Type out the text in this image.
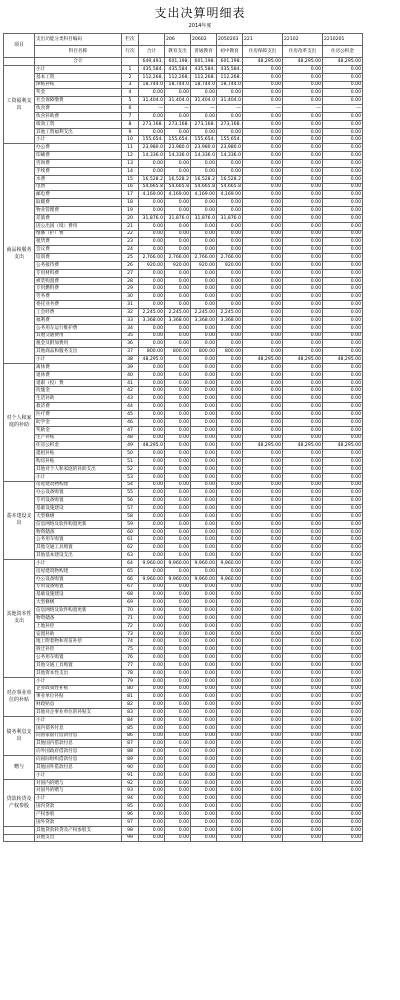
支出决算明细表
2014年度
项目	支出功能分类科目编码	栏次		206	20602	2050203	221	22102	2210201
	科目名称	行次	合计	教育支出	普通教育	初中教育	住房保障支出	住房改革支出	住房公积金
	合计		649,493.	601,198.	601,198.	601,198.	48,295.00	48,295.00	48,295.00
工资福利支出	小计	1	435,584.	435,584.	435,584.	435,584.	0.00	0.00	0.00
	基本工资	2	112,268.	112,268.	112,268.	112,268.	0.00	0.00	0.00
	津贴补贴	3	18,744.0	18,744.0	18,744.0	18,744.0	0.00	0.00	0.00
	奖金	4	0.00	0.00	0.00	0.00	0.00	0.00	0.00
	社会保障缴费	5	31,404.0	31,404.0	31,404.0	31,404.0	0.00	0.00	0.00
	伙食费	6	—	—	—	—	—	—	—
	伙食补助费	7	0.00	0.00	0.00	0.00	0.00	0.00	0.00
	绩效工资	8	273,168.	273,168.	273,168.	273,168.	0.00	0.00	0.00
	其他工资福利支出	9	0.00	0.00	0.00	0.00	0.00	0.00	0.00
	小计	10	155,654.	155,654.	155,654.	155,654.	0.00	0.00	0.00
商品和服务支出	办公费	11	23,980.0	23,980.0	23,980.0	23,980.0	0.00	0.00	0.00
	印刷费	12	14,336.0	14,336.0	14,336.0	14,336.0	0.00	0.00	0.00
	咨询费	13	0.00	0.00	0.00	0.00	0.00	0.00	0.00
	手续费	14	0.00	0.00	0.00	0.00	0.00	0.00	0.00
	水费	15	16,528.2	16,528.2	16,528.2	16,528.2	0.00	0.00	0.00
	电费	16	54,665.8	54,665.8	54,665.8	54,665.8	0.00	0.00	0.00
	邮电费	17	4,169.00	4,169.00	4,169.00	4,169.00	0.00	0.00	0.00
	取暖费	18	0.00	0.00	0.00	0.00	0.00	0.00	0.00
	物业管理费	19	0.00	0.00	0.00	0.00	0.00	0.00	0.00
	差旅费	20	31,876.0	31,876.0	31,876.0	31,876.0	0.00	0.00	0.00
	因公出国（境）费用	21	0.00	0.00	0.00	0.00	0.00	0.00	0.00
	维修（护）费	22	0.00	0.00	0.00	0.00	0.00	0.00	0.00
	租赁费	23	0.00	0.00	0.00	0.00	0.00	0.00	0.00
	会议费	24	0.00	0.00	0.00	0.00	0.00	0.00	0.00
	培训费	25	2,766.00	2,766.00	2,766.00	2,766.00	0.00	0.00	0.00
	公务接待费	26	920.00	920.00	920.00	920.00	0.00	0.00	0.00
	专用材料费	27	0.00	0.00	0.00	0.00	0.00	0.00	0.00
	被装购置费	28	0.00	0.00	0.00	0.00	0.00	0.00	0.00
	专用燃料费	29	0.00	0.00	0.00	0.00	0.00	0.00	0.00
	劳务费	30	0.00	0.00	0.00	0.00	0.00	0.00	0.00
	委托业务费	31	0.00	0.00	0.00	0.00	0.00	0.00	0.00
	工会经费	32	2,245.00	2,245.00	2,245.00	2,245.00	0.00	0.00	0.00
	福利费	33	3,368.00	3,368.00	3,368.00	3,368.00	0.00	0.00	0.00
	公务用车运行维护费	34	0.00	0.00	0.00	0.00	0.00	0.00	0.00
	其他交通费用	35	0.00	0.00	0.00	0.00	0.00	0.00	0.00
	税金及附加费用	36	0.00	0.00	0.00	0.00	0.00	0.00	0.00
	其他商品和服务支出	37	800.00	800.00	800.00	800.00	0.00	0.00	0.00
	小计	38	48,295.0	0.00	0.00	0.00	48,295.00	48,295.00	48,295.00
对个人和家庭的补助	离休费	39	0.00	0.00	0.00	0.00	0.00	0.00	0.00
	退休费	40	0.00	0.00	0.00	0.00	0.00	0.00	0.00
	退职（役）费	41	0.00	0.00	0.00	0.00	0.00	0.00	0.00
	抚恤金	42	0.00	0.00	0.00	0.00	0.00	0.00	0.00
	生活补助	43	0.00	0.00	0.00	0.00	0.00	0.00	0.00
	救济费	44	0.00	0.00	0.00	0.00	0.00	0.00	0.00
	医疗费	45	0.00	0.00	0.00	0.00	0.00	0.00	0.00
	助学金	46	0.00	0.00	0.00	0.00	0.00	0.00	0.00
	奖励金	47	0.00	0.00	0.00	0.00	0.00	0.00	0.00
	生产补贴	48	0.00	0.00	0.00	0.00	0.00	0.00	0.00
	住房公积金	49	48,295.0	0.00	0.00	0.00	48,295.00	48,295.00	48,295.00
	提租补贴	50	0.00	0.00	0.00	0.00	0.00	0.00	0.00
	购房补贴	51	0.00	0.00	0.00	0.00	0.00	0.00	0.00
	其他对个人和家庭的补助支出	52	0.00	0.00	0.00	0.00	0.00	0.00	0.00
	小计	53	0.00	0.00	0.00	0.00	0.00	0.00	0.00
基本建设支出	房屋建筑物购建	54	0.00	0.00	0.00	0.00	0.00	0.00	0.00
	办公设备购置	55	0.00	0.00	0.00	0.00	0.00	0.00	0.00
	专用设备购置	56	0.00	0.00	0.00	0.00	0.00	0.00	0.00
	基础设施建设	57	0.00	0.00	0.00	0.00	0.00	0.00	0.00
	大型修缮	58	0.00	0.00	0.00	0.00	0.00	0.00	0.00
	信息网络及软件购置更新	59	0.00	0.00	0.00	0.00	0.00	0.00	0.00
	物资储备	60	0.00	0.00	0.00	0.00	0.00	0.00	0.00
	公务用车购置	61	0.00	0.00	0.00	0.00	0.00	0.00	0.00
	其他交通工具购置	62	0.00	0.00	0.00	0.00	0.00	0.00	0.00
	其他基本建设支出	63	0.00	0.00	0.00	0.00	0.00	0.00	0.00
其他资本性支出	小计	64	9,960.00	9,960.00	9,960.00	9,960.00	0.00	0.00	0.00
	房屋建筑物购建	65	0.00	0.00	0.00	0.00	0.00	0.00	0.00
	办公设备购置	66	9,960.00	9,960.00	9,960.00	9,960.00	0.00	0.00	0.00
	专用设备购置	67	0.00	0.00	0.00	0.00	0.00	0.00	0.00
	基础设施建设	68	0.00	0.00	0.00	0.00	0.00	0.00	0.00
	大型修缮	69	0.00	0.00	0.00	0.00	0.00	0.00	0.00
	信息网络及软件购置更新	70	0.00	0.00	0.00	0.00	0.00	0.00	0.00
	物资储备	71	0.00	0.00	0.00	0.00	0.00	0.00	0.00
	土地补偿	72	0.00	0.00	0.00	0.00	0.00	0.00	0.00
	安置补助	73	0.00	0.00	0.00	0.00	0.00	0.00	0.00
	地上附着物和青苗补偿	74	0.00	0.00	0.00	0.00	0.00	0.00	0.00
	拆迁补偿	75	0.00	0.00	0.00	0.00	0.00	0.00	0.00
	公务用车购置	76	0.00	0.00	0.00	0.00	0.00	0.00	0.00
	其他交通工具购置	77	0.00	0.00	0.00	0.00	0.00	0.00	0.00
	其他资本性支出	78	0.00	0.00	0.00	0.00	0.00	0.00	0.00
对企事业单位的补贴	小计	79	0.00	0.00	0.00	0.00	0.00	0.00	0.00
	企业政策性补贴	80	0.00	0.00	0.00	0.00	0.00	0.00	0.00
	事业单位补贴	81	0.00	0.00	0.00	0.00	0.00	0.00	0.00
	财政贴息	82	0.00	0.00	0.00	0.00	0.00	0.00	0.00
	其他对企事业单位的补贴支	83	0.00	0.00	0.00	0.00	0.00	0.00	0.00
债务利息支出	小计	84	0.00	0.00	0.00	0.00	0.00	0.00	0.00
	国内债务付息	85	0.00	0.00	0.00	0.00	0.00	0.00	0.00
	向国家银行借款付息	86	0.00	0.00	0.00	0.00	0.00	0.00	0.00
	其他国内借款付息	87	0.00	0.00	0.00	0.00	0.00	0.00	0.00
	向外国政府借款付息	88	0.00	0.00	0.00	0.00	0.00	0.00	0.00
赠与	向国际组织借款付息	89	0.00	0.00	0.00	0.00	0.00	0.00	0.00
	其他国外借款付息	90	0.00	0.00	0.00	0.00	0.00	0.00	0.00
	小计	91	0.00	0.00	0.00	0.00	0.00	0.00	0.00
贷款转贷及产权参股	对国内的赠与	92	0.00	0.00	0.00	0.00	0.00	0.00	0.00
	对国外的赠与	93	0.00	0.00	0.00	0.00	0.00	0.00	0.00
	小计	94	0.00	0.00	0.00	0.00	0.00	0.00	0.00
	国内贷款	95	0.00	0.00	0.00	0.00	0.00	0.00	0.00
	产权参股	96	0.00	0.00	0.00	0.00	0.00	0.00	0.00
	国外贷款	97	0.00	0.00	0.00	0.00	0.00	0.00	0.00
	其他贷款转贷及产权参股支	98	0.00	0.00	0.00	0.00	0.00	0.00	0.00
	其他支出	99	0.00	0.00	0.00	0.00	0.00	0.00	0.00
